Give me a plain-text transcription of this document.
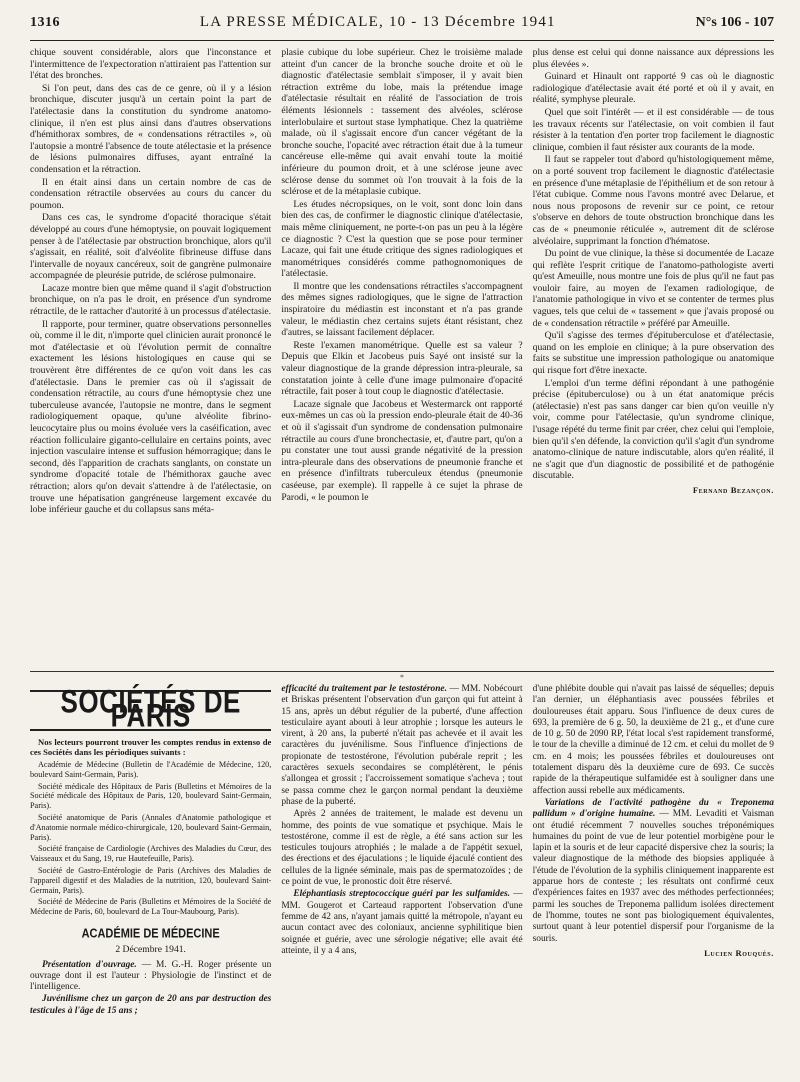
1316	LA PRESSE MÉDICALE, 10 - 13 Décembre 1941	N°s 106 - 107

chique souvent considérable, alors que l'inconstance et l'intermittence de l'expectoration n'attiraient pas l'attention sur l'état des bronches.

Si l'on peut, dans des cas de ce genre, où il y a lésion bronchique, discuter jusqu'à un certain point la part de l'atélectasie dans la constitution du syndrome anatomo-clinique, il n'en est plus ainsi dans d'autres observations d'hémithorax sombres, de « condensations rétractiles », où l'autopsie a montré l'absence de toute atélectasie et la présence de lésions pulmonaires diffuses, ayant entraîné la condensation et la rétraction.

Il en était ainsi dans un certain nombre de cas de condensation rétractile observées au cours du cancer du poumon.

Dans ces cas, le syndrome d'opacité thoracique s'était développé au cours d'une hémoptysie, on pouvait logiquement penser à de l'atélectasie par obstruction bronchique, alors qu'il s'agissait, en réalité, soit d'alvéolite fibrineuse diffuse dans l'intervalle de noyaux cancéreux, soit de gangrène pulmonaire accompagnée de pleurésie putride, de sclérose pulmonaire.

Lacaze montre bien que même quand il s'agit d'obstruction bronchique, on n'a pas le droit, en présence d'un syndrome rétractile, de le rattacher d'autorité à un processus d'atélectasie.

Il rapporte, pour terminer, quatre observations personnelles où, comme il le dit, n'importe quel clinicien aurait prononcé le mot d'atélectasie et où l'évolution permit de connaître exactement les lésions histologiques en cause qui se trouvèrent être différentes de ce qu'on voit dans les cas d'atélectasie. Dans le premier cas où il s'agissait de condensation rétractile, au cours d'une hémoptysie chez une tuberculeuse avancée, l'autopsie ne montre, dans le segment radiologiquement opaque, qu'une alvéolite fibrino-leucocytaire plus ou moins évoluée vers la caséification, avec réaction folliculaire giganto-cellulaire en certains points, avec injection vasculaire intense et suffusion hémorragique; dans le second, dès l'apparition de crachats sanglants, on constate un syndrome d'opacité totale de l'hémithorax gauche avec rétraction; alors qu'on devait s'attendre à de l'atélectasie, on trouve une hépatisation gangréneuse largement excavée du lobe inférieur gauche et du collapsus sans méta-

plasie cubique du lobe supérieur. Chez le troisième malade atteint d'un cancer de la bronche souche droite et où le diagnostic d'atélectasie semblait s'imposer, il y avait bien rétraction extrême du lobe, mais la prétendue image d'atélectasie résultait en réalité de l'association de trois éléments lésionnels : tassement des alvéoles, sclérose interlobulaire et surtout stase lymphatique. Chez la quatrième malade, où il s'agissait encore d'un cancer végétant de la bronche souche, l'opacité avec rétraction était due à la tumeur cancéreuse elle-même qui avait envahi toute la moitié inférieure du poumon droit, et à une sclérose jeune avec sclérose dense du sommet où l'on trouvait à la fois de la sclérose et de la métaplasie cubique.

Les études nécropsiques, on le voit, sont donc loin dans bien des cas, de confirmer le diagnostic clinique d'atélectasie, mais même cliniquement, ne porte-t-on pas un peu à la légère ce diagnostic ? C'est la question que se pose pour terminer Lacaze, qui fait une étude critique des signes radiologiques et manométriques considérés comme pathognomoniques de l'atélectasie.

Il montre que les condensations rétractiles s'accompagnent des mêmes signes radiologiques, que le signe de l'attraction inspiratoire du médiastin est inconstant et n'a pas grande valeur, le médiastin chez certains sujets étant résistant, chez d'autres, se laissant facilement déplacer.

Reste l'examen manométrique. Quelle est sa valeur ? Depuis que Elkin et Jacobeus puis Sayé ont insisté sur la valeur diagnostique de la grande dépression intra-pleurale, sa constatation jointe à celle d'une image pulmonaire d'opacité rétractile, fait poser à tout coup le diagnostic d'atélectasie.

Lacaze signale que Jacobeus et Westermarck ont rapporté eux-mêmes un cas où la pression endo-pleurale était de 40-36 et où il s'agissait d'un syndrome de condensation pulmonaire rétractile au cours d'une bronchectasie, et, d'autre part, qu'on a pu constater une tout aussi grande négativité de la pression intra-pleurale dans des observations de pneumonie franche et en présence d'infiltrats tuberculeux étendus (pneumonie caséeuse, par exemple). Il rappelle à ce sujet la phrase de Parodi, « le poumon le

plus dense est celui qui donne naissance aux dépressions les plus élevées ».

Guinard et Hinault ont rapporté 9 cas où le diagnostic radiologique d'atélectasie avait été porté et où il y avait, en réalité, symphyse pleurale.

Quel que soit l'intérêt — et il est considérable — de tous les travaux récents sur l'atélectasie, on voit combien il faut résister à la tentation d'en porter trop facilement le diagnostic clinique, combien il faut résister aux courants de la mode.

Il faut se rappeler tout d'abord qu'histologiquement même, on a porté souvent trop facilement le diagnostic d'atélectasie en présence d'une métaplasie de l'épithélium et de son retour à l'état cubique. Comme nous l'avons montré avec Delarue, et nous nous proposons de revenir sur ce point, ce retour s'observe en dehors de toute obstruction bronchique dans les cas de « pneumonie réticulée », autrement dit de sclérose alvéolaire, supprimant la fonction d'hématose.

Du point de vue clinique, la thèse si documentée de Lacaze qui reflète l'esprit critique de l'anatomo-pathologiste averti qu'est Ameuille, nous montre une fois de plus qu'il ne faut pas vouloir faire, au moyen de l'examen radiologique, de l'anatomie pathologique in vivo et se contenter de termes plus vagues, tels que celui de « tassement » que j'avais proposé ou de « condensation rétractile » préféré par Ameuille.

Qu'il s'agisse des termes d'épituberculose et d'atélectasie, quand on les emploie en clinique; à la pure observation des faits se substitue une impression pathologique ou anatomique qui risque fort d'être inexacte.

L'emploi d'un terme défini répondant à une pathogénie précise (épituberculose) ou à un état anatomique précis (atélectasie) n'est pas sans danger car bien qu'on veuille n'y voir, comme pour l'atélectasie, qu'un syndrome clinique, l'usage répété du terme finit par créer, chez celui qui l'emploie, bien qu'il s'en défende, la conviction qu'il s'agit d'un syndrome anatomo-clinique de nature indiscutable, alors qu'en réalité, il ne s'agit que d'un diagnostic de possibilité et de pathogénie discutable.

Fernand Bezançon.
*
SOCIÉTÉS DE PARIS
Nos lecteurs pourront trouver les comptes rendus in extenso de ces Sociétés dans les périodiques suivants :

Académie de Médecine (Bulletin de l'Académie de Médecine, 120, boulevard Saint-Germain, Paris).

Société médicale des Hôpitaux de Paris (Bulletins et Mémoires de la Société médicale des Hôpitaux de Paris, 120, boulevard Saint-Germain, Paris).

Société anatomique de Paris (Annales d'Anatomie pathologique et d'Anatomie normale médico-chirurgicale, 120, boulevard Saint-Germain, Paris).

Société française de Cardiologie (Archives des Maladies du Cœur, des Vaisseaux et du Sang, 19, rue Hautefeuille, Paris).

Société de Gastro-Entérologie de Paris (Archives des Maladies de l'appareil digestif et des Maladies de la nutrition, 120, boulevard Saint-Germain, Paris).

Société de Médecine de Paris (Bulletins et Mémoires de la Société de Médecine de Paris, 60, boulevard de La Tour-Maubourg, Paris).

ACADÉMIE DE MÉDECINE
2 Décembre 1941.

Présentation d'ouvrage. — M. G.-H. Roger présente un ouvrage dont il est l'auteur : Physiologie de l'instinct et de l'intelligence.

Juvénilisme chez un garçon de 20 ans par destruction des testicules à l'âge de 15 ans ;

efficacité du traitement par le testostérone. — MM. Nobécourt et Briskas présentent l'observation d'un garçon qui fut atteint à 15 ans, après un début régulier de la puberté, d'une affection testiculaire ayant abouti à leur atrophie ; lorsque les auteurs le virent, à 20 ans, la puberté n'était pas achevée et il avait les caractères du juvénilisme. Sous l'influence d'injections de propionate de testostérone, l'évolution pubérale reprit ; les caractères sexuels secondaires se complétèrent, le pénis s'allongea et grossit ; l'accroissement somatique s'acheva ; tout se passa comme chez le garçon normal pendant la deuxième phase de la puberté.

Après 2 années de traitement, le malade est devenu un homme, des points de vue somatique et psychique. Mais le testostérone, comme il est de règle, a été sans action sur les testicules toujours atrophiés ; le malade a de l'appétit sexuel, des érections et des éjaculations ; le liquide éjaculé contient des cellules de la lignée séminale, mais pas de spermatozoïdes ; de ce point de vue, le pronostic doit être réservé.

Eléphantiasis streptococcique guéri par les sulfamides. — MM. Gougerot et Carteaud rapportent l'observation d'une femme de 42 ans, n'ayant jamais quitté la métropole, n'ayant eu aucun contact avec des coloniaux, ancienne syphilitique bien soignée et guérie, avec une sérologie négative; elle avait été atteinte, il y a 4 ans,

d'une phlébite double qui n'avait pas laissé de séquelles; depuis l'an dernier, un éléphantiasis avec poussées fébriles et douloureuses était apparu. Sous l'influence de deux cures de 693, la première de 6 g. 50, la deuxième de 21 g., et d'une cure de 10 g. 50 de 2090 RP, l'état local s'est rapidement transformé, le tour de la cheville a diminué de 12 cm. et celui du mollet de 9 cm. en 4 mois; les poussées fébriles et douloureuses ont totalement disparu dès la deuxième cure de 693. Ce succès rapide de la thérapeutique sulfamidée est à souligner dans une affection aussi rebelle aux médicaments.

Variations de l'activité pathogène du « Treponema pallidum » d'origine humaine. — MM. Levaditi et Vaisman ont étudié récemment 7 nouvelles souches tréponémiques humaines du point de vue de leur potentiel morbigène pour le lapin et la souris et de leur capacité dispersive chez la souris; la valeur diagnostique de la méthode des biopsies appliquée à l'étude de l'évolution de la syphilis cliniquement inapparente est apparue hors de conteste ; les résultats ont confirmé ceux d'expériences faites en 1937 avec des méthodes perfectionnées; parmi les souches de Treponema pallidum isolées directement de l'homme, toutes ne sont pas biologiquement équivalentes, surtout quant à leur potentiel dispersif pour l'organisme de la souris.

Lucien Rouquès.
